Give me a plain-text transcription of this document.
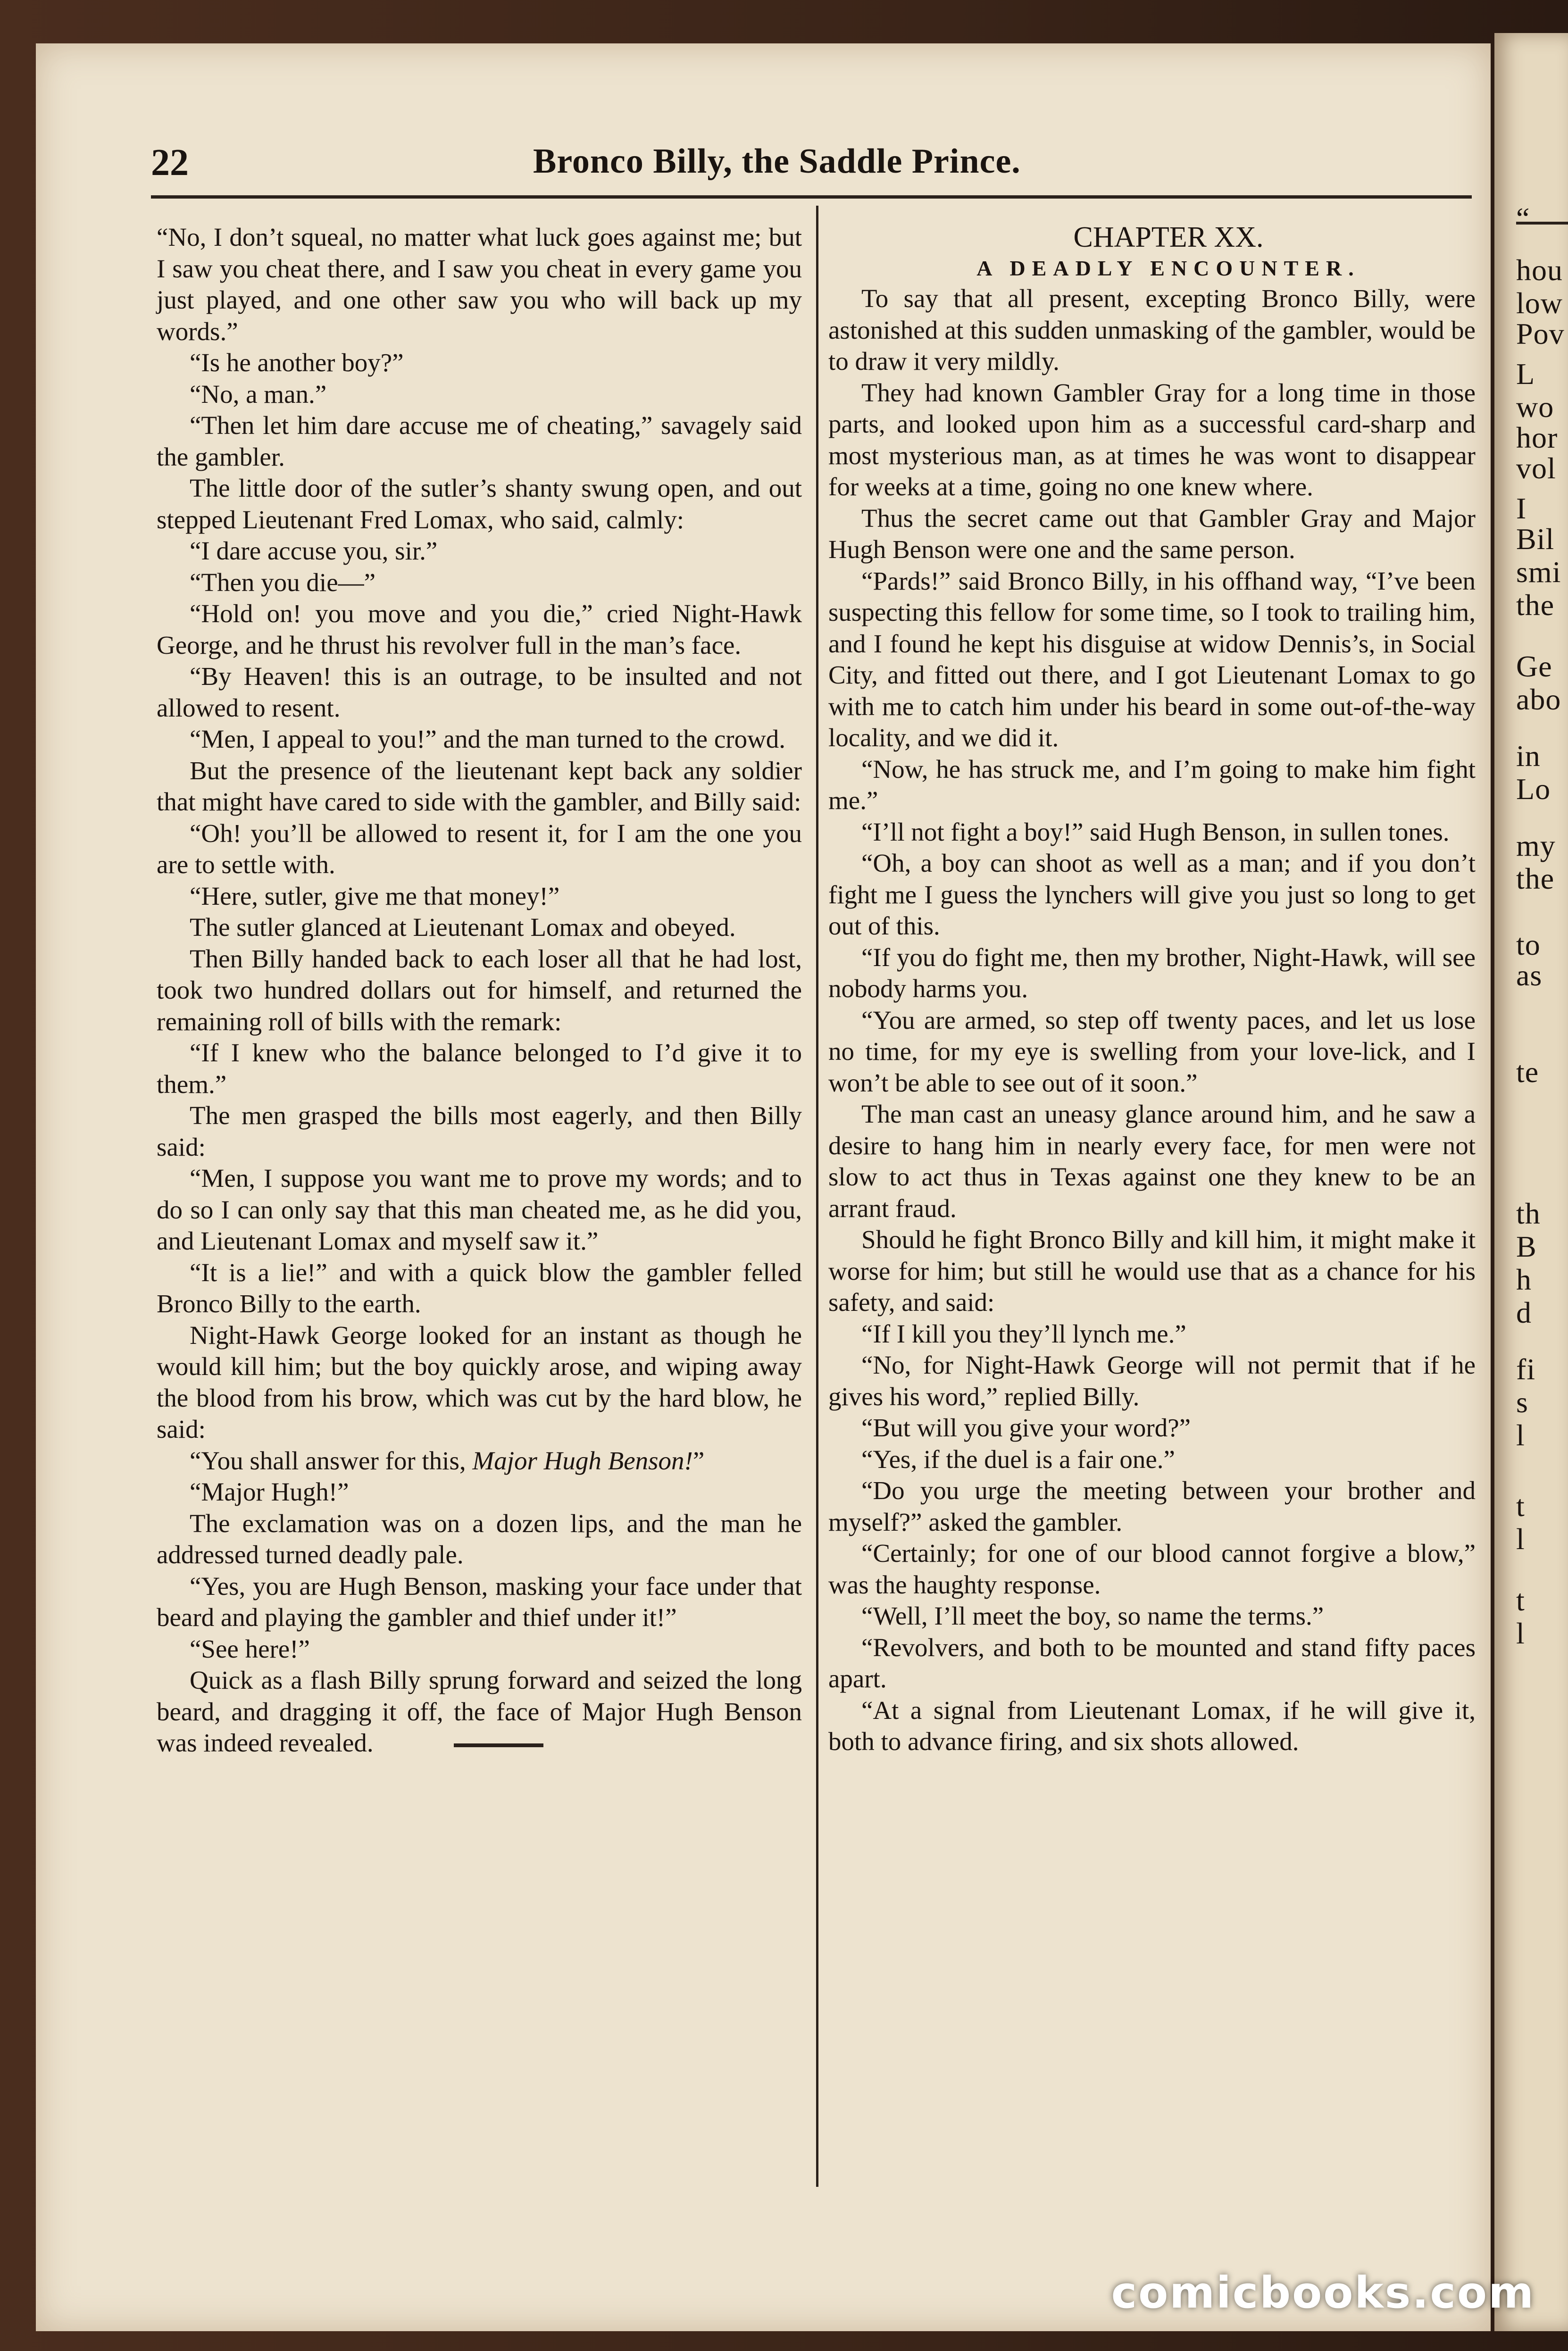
“
hou
low
Pov
L
wo
hor
vol
I
Bil
smi
the
Ge
abo
in
Lo
my
the
to
as
te
th
B
h
d
fi
s
l
t
l
t
l
22	Bronco Billy, the Saddle Prince.

“No, I don’t squeal, no matter what luck goes against me; but I saw you cheat there, and I saw you cheat in every game you just played, and one other saw you who will back up my words.”

“Is he another boy?”

“No, a man.”

“Then let him dare accuse me of cheating,” savagely said the gambler.

The little door of the sutler’s shanty swung open, and out stepped Lieutenant Fred Lomax, who said, calmly:

“I dare accuse you, sir.”

“Then you die—”

“Hold on! you move and you die,” cried Night-Hawk George, and he thrust his revolver full in the man’s face.

“By Heaven! this is an outrage, to be insulted and not allowed to resent.

“Men, I appeal to you!” and the man turned to the crowd.

But the presence of the lieutenant kept back any soldier that might have cared to side with the gambler, and Billy said:

“Oh! you’ll be allowed to resent it, for I am the one you are to settle with.

“Here, sutler, give me that money!”

The sutler glanced at Lieutenant Lomax and obeyed.

Then Billy handed back to each loser all that he had lost, took two hundred dollars out for himself, and returned the remaining roll of bills with the remark:

“If I knew who the balance belonged to I’d give it to them.”

The men grasped the bills most eagerly, and then Billy said:

“Men, I suppose you want me to prove my words; and to do so I can only say that this man cheated me, as he did you, and Lieutenant Lomax and myself saw it.”

“It is a lie!” and with a quick blow the gambler felled Bronco Billy to the earth.

Night-Hawk George looked for an instant as though he would kill him; but the boy quickly arose, and wiping away the blood from his brow, which was cut by the hard blow, he said:

“You shall answer for this, Major Hugh Benson!”

“Major Hugh!”

The exclamation was on a dozen lips, and the man he addressed turned deadly pale.

“Yes, you are Hugh Benson, masking your face under that beard and playing the gambler and thief under it!”

“See here!”

Quick as a flash Billy sprung forward and seized the long beard, and dragging it off, the face of Major Hugh Benson was indeed revealed.

CHAPTER XX.

A DEADLY ENCOUNTER.

To say that all present, excepting Bronco Billy, were astonished at this sudden unmasking of the gambler, would be to draw it very mildly.

They had known Gambler Gray for a long time in those parts, and looked upon him as a successful card-sharp and most mysterious man, as at times he was wont to disappear for weeks at a time, going no one knew where.

Thus the secret came out that Gambler Gray and Major Hugh Benson were one and the same person.

“Pards!” said Bronco Billy, in his offhand way, “I’ve been suspecting this fellow for some time, so I took to trailing him, and I found he kept his disguise at widow Dennis’s, in Social City, and fitted out there, and I got Lieutenant Lomax to go with me to catch him under his beard in some out-of-the-way locality, and we did it.

“Now, he has struck me, and I’m going to make him fight me.”

“I’ll not fight a boy!” said Hugh Benson, in sullen tones.

“Oh, a boy can shoot as well as a man; and if you don’t fight me I guess the lynchers will give you just so long to get out of this.

“If you do fight me, then my brother, Night-Hawk, will see nobody harms you.

“You are armed, so step off twenty paces, and let us lose no time, for my eye is swelling from your love-lick, and I won’t be able to see out of it soon.”

The man cast an uneasy glance around him, and he saw a desire to hang him in nearly every face, for men were not slow to act thus in Texas against one they knew to be an arrant fraud.

Should he fight Bronco Billy and kill him, it might make it worse for him; but still he would use that as a chance for his safety, and said:

“If I kill you they’ll lynch me.”

“No, for Night-Hawk George will not permit that if he gives his word,” replied Billy.

“But will you give your word?”

“Yes, if the duel is a fair one.”

“Do you urge the meeting between your brother and myself?” asked the gambler.

“Certainly; for one of our blood cannot forgive a blow,” was the haughty response.

“Well, I’ll meet the boy, so name the terms.”

“Revolvers, and both to be mounted and stand fifty paces apart.

“At a signal from Lieutenant Lomax, if he will give it, both to advance firing, and six shots allowed.

comicbooks.com
